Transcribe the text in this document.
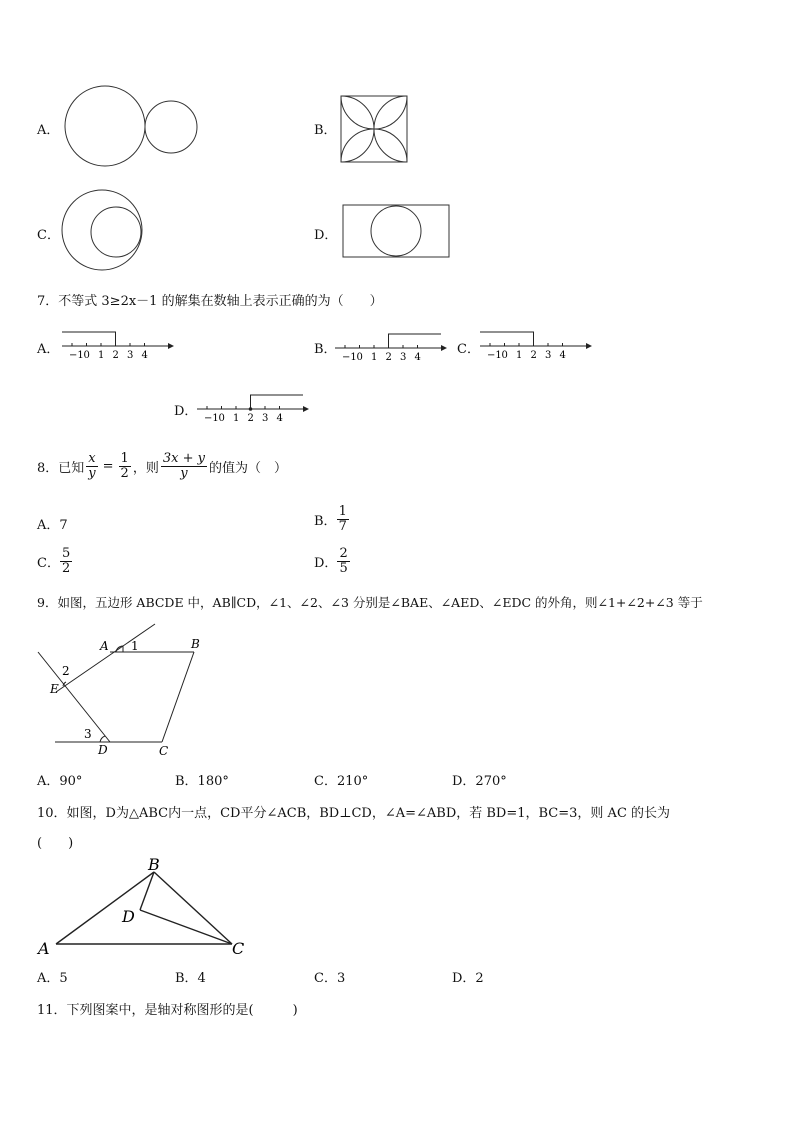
A．	B．
C．	D．
7．不等式 3≥2x－1 的解集在数轴上表示正确的为（　　）
A． −1 0 1 2 3 4	B．
−1 0 1 2 3 4
C． −1 0 1 2 3 4
D． −1 0 1 2 3 4
8．已知 $\frac{x}{y} = \frac{1}{2}$ ，则 $\frac{3x + y}{y}$ 的值为（　）
A．7	B． $\frac{1}{7}$
C． $\frac{5}{2}$	D． $\frac{2}{5}$
9．如图，五边形 ABCDE 中，AB∥CD，∠1、∠2、∠3 分别是∠BAE、∠AED、∠EDC 的外角，则∠1+∠2+∠3 等于
A	B
C
D
E
1
2
3
A．90°	B．180°	C．210°	D．270°
10．如图，D为△ABC内一点，CD平分∠ACB，BD⊥CD，∠A=∠ABD，若 BD=1，BC=3，则 AC 的长为
(　　)
B
D
A	C
A．5	B．4	C．3	D．2
11．下列图案中，是轴对称图形的是(　　　)
